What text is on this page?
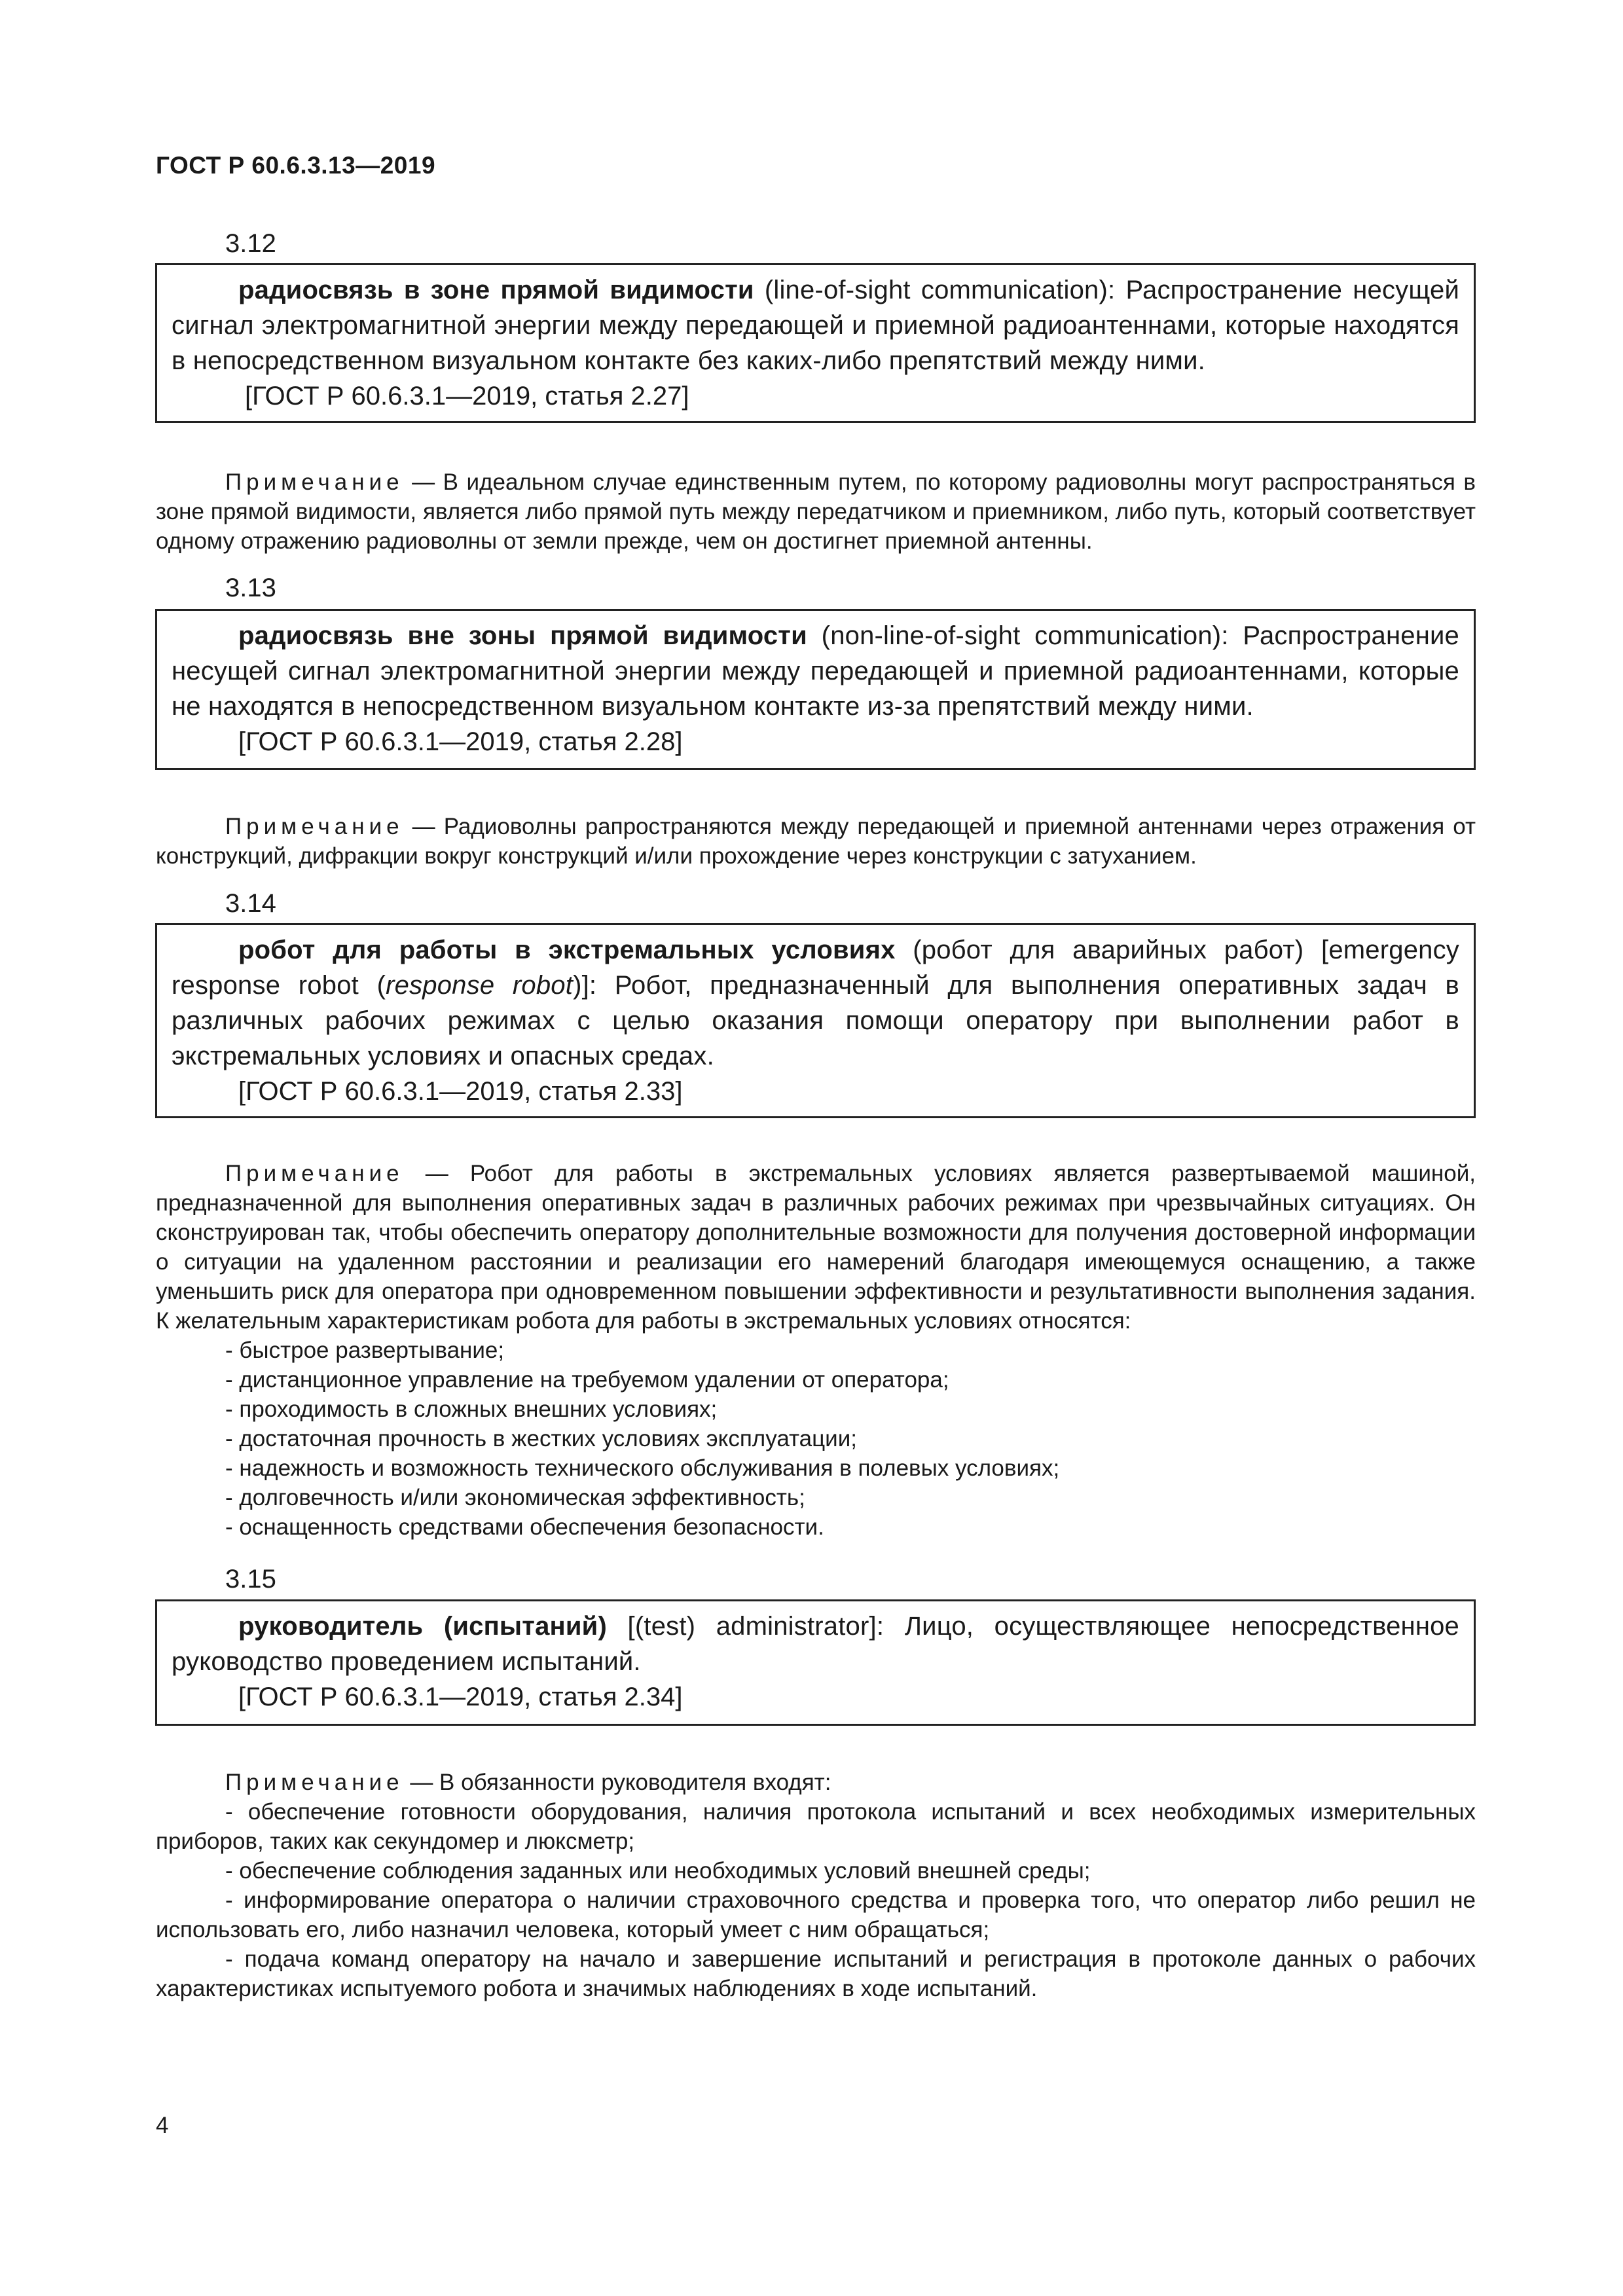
ГОСТ Р 60.6.3.13—2019
3.12

радиосвязь в зоне прямой видимости (line-of-sight communication): Распространение несущей сигнал электромагнитной энергии между передающей и приемной радиоантеннами, которые находятся в непосредственном визуальном контакте без каких-либо препятствий между ними.

[ГОСТ Р 60.6.3.1—2019, статья 2.27]

Примечание — В идеальном случае единственным путем, по которому радиоволны могут распространяться в зоне прямой видимости, является либо прямой путь между передатчиком и приемником, либо путь, который соответствует одному отражению радиоволны от земли прежде, чем он достигнет приемной антенны.

3.13

радиосвязь вне зоны прямой видимости (non-line-of-sight communication): Распространение несущей сигнал электромагнитной энергии между передающей и приемной радиоантеннами, которые не находятся в непосредственном визуальном контакте из-за препятствий между ними.

[ГОСТ Р 60.6.3.1—2019, статья 2.28]

Примечание — Радиоволны рапространяются между передающей и приемной антеннами через отражения от конструкций, дифракции вокруг конструкций и/или прохождение через конструкции с затуханием.

3.14

робот для работы в экстремальных условиях (робот для аварийных работ) [emergency response robot (response robot)]: Робот, предназначенный для выполнения оперативных задач в различных рабочих режимах с целью оказания помощи оператору при выполнении работ в экстремальных условиях и опасных средах.

[ГОСТ Р 60.6.3.1—2019, статья 2.33]

Примечание — Робот для работы в экстремальных условиях является развертываемой машиной, предназначенной для выполнения оперативных задач в различных рабочих режимах при чрезвычайных ситуациях. Он сконструирован так, чтобы обеспечить оператору дополнительные возможности для получения достоверной информации о ситуации на удаленном расстоянии и реализации его намерений благодаря имеющемуся оснащению, а также уменьшить риск для оператора при одновременном повышении эффективности и результативности выполнения задания. К желательным характеристикам робота для работы в экстремальных условиях относятся:

- быстрое развертывание;

- дистанционное управление на требуемом удалении от оператора;

- проходимость в сложных внешних условиях;

- достаточная прочность в жестких условиях эксплуатации;

- надежность и возможность технического обслуживания в полевых условиях;

- долговечность и/или экономическая эффективность;

- оснащенность средствами обеспечения безопасности.

3.15

руководитель (испытаний) [(test) administrator]: Лицо, осуществляющее непосредственное руководство проведением испытаний.

[ГОСТ Р 60.6.3.1—2019, статья 2.34]

Примечание — В обязанности руководителя входят:

- обеспечение готовности оборудования, наличия протокола испытаний и всех необходимых измерительных приборов, таких как секундомер и люксметр;

- обеспечение соблюдения заданных или необходимых условий внешней среды;

- информирование оператора о наличии страховочного средства и проверка того, что оператор либо решил не использовать его, либо назначил человека, который умеет с ним обращаться;

- подача команд оператору на начало и завершение испытаний и регистрация в протоколе данных о рабочих характеристиках испытуемого робота и значимых наблюдениях в ходе испытаний.

4
